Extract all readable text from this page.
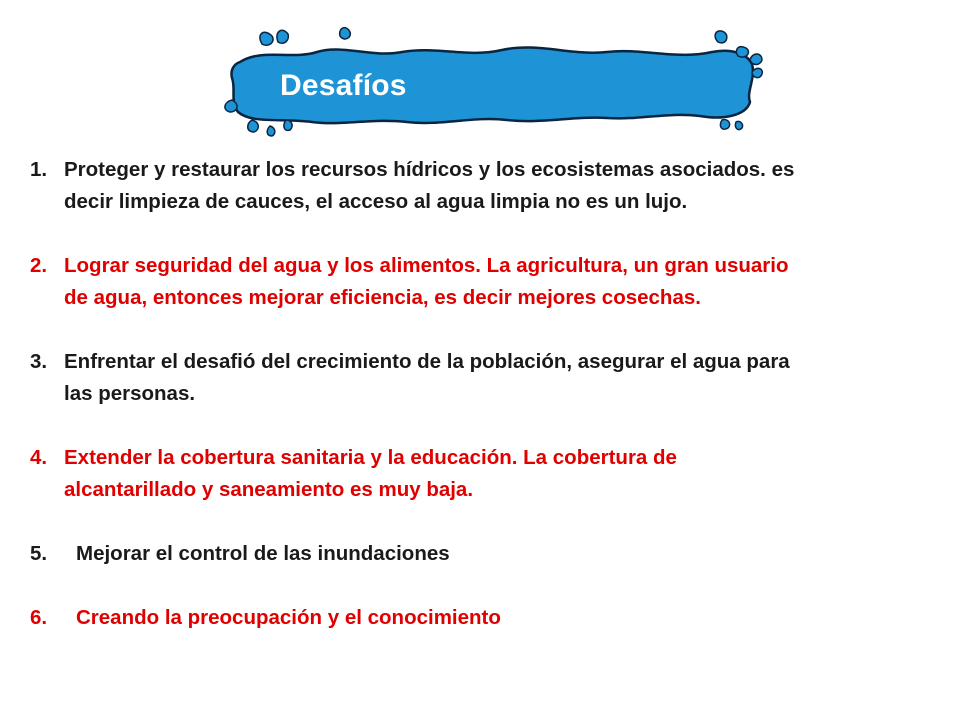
Desafíos
1. Proteger y restaurar los recursos hídricos y los ecosistemas asociados. es decir limpieza de cauces, el acceso al agua limpia no es un lujo.
2. Lograr seguridad del agua y los alimentos. La agricultura, un gran usuario de agua, entonces mejorar eficiencia, es decir mejores cosechas.
3. Enfrentar el desafió del crecimiento de la población, asegurar el agua para las personas.
4. Extender la cobertura sanitaria y la educación. La cobertura de alcantarillado y saneamiento es muy baja.
5. Mejorar el control de las inundaciones
6. Creando la preocupación y el conocimiento
